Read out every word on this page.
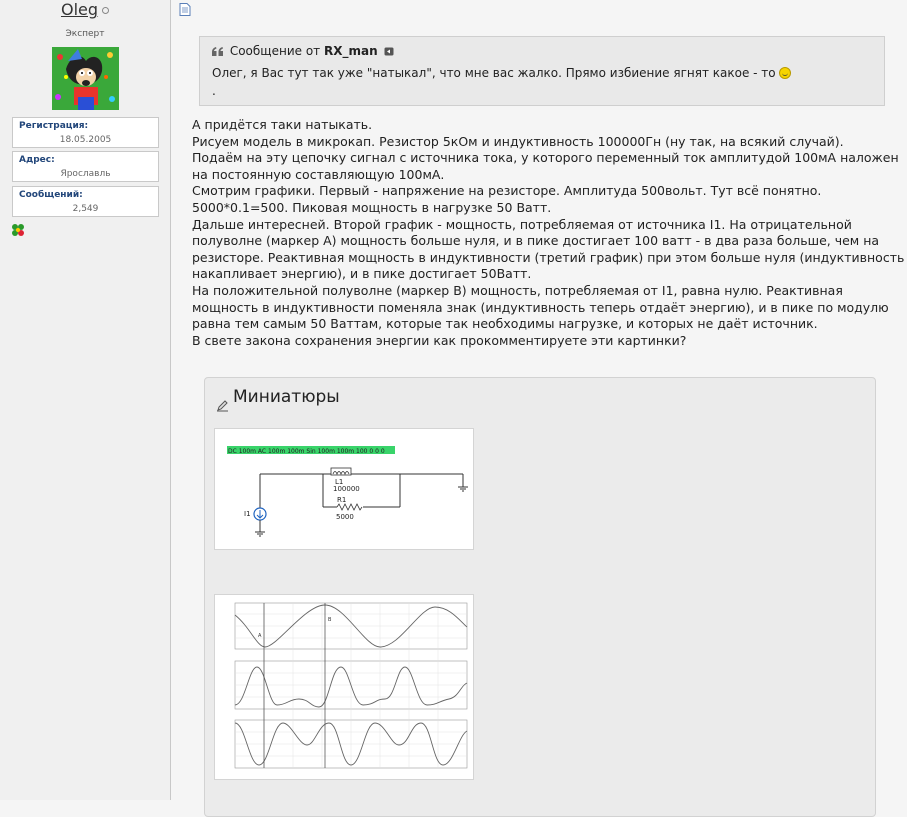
Oleg
Эксперт
Регистрация:
18.05.2005
Адрес:
Ярославль
Сообщений:
2,549
Сообщение от RX_man
Олег, я Вас тут так уже "натыкал", что мне вас жалко. Прямо избиение ягнят какое - то
.
А придётся таки натыкать.
Рисуем модель в микрокап. Резистор 5кОм и индуктивность 100000Гн (ну так, на всякий случай).
Подаём на эту цепочку сигнал с источника тока, у которого переменный ток амплитудой 100мА наложен
на постоянную составляющую 100мА.
Смотрим графики. Первый - напряжение на резисторе. Амплитуда 500вольт. Тут всё понятно.
5000*0.1=500. Пиковая мощность в нагрузке 50 Ватт.
Дальше интересней. Второй график - мощность, потребляемая от источника I1. На отрицательной
полуволне (маркер A) мощность больше нуля, и в пике достигает 100 ватт - в два раза больше, чем на
резисторе. Реактивная мощность в индуктивности (третий график) при этом больше нуля (индуктивность
накапливает энергию), и в пике достигает 50Ватт.
На положительной полуволне (маркер B) мощность, потребляемая от I1, равна нулю. Реактивная
мощность в индуктивности поменяла знак (индуктивность теперь отдаёт энергию), и в пике по модулю
равна тем самым 50 Ваттам, которые так необходимы нагрузке, и которых не даёт источник.
В свете закона сохранения энергии как прокомментируете эти картинки?
Миниатюры
DC 100m AC 100m 100m Sin 100m 100m 100 0 0 0
L1
100000
R1
5000
I1
A
B
